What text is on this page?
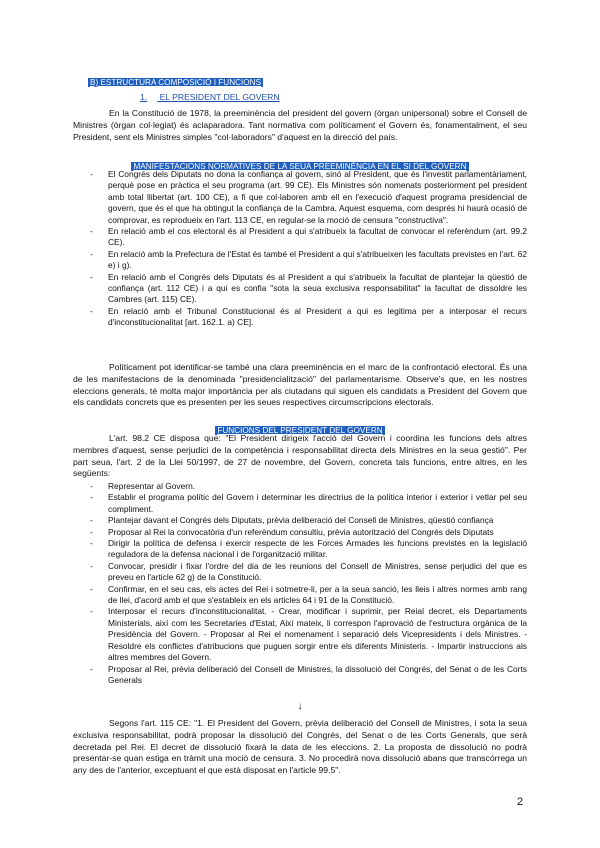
B) ESTRUCTURA COMPOSICIÓ I FUNCIONS
1. EL PRESIDENT DEL GOVERN

En la Constitució de 1978, la preeminència del president del govern (òrgan unipersonal) sobre el Consell de Ministres (òrgan col·legiat) és aclaparadora. Tant normativa com políticament el Govern és, fonamentalment, el seu President, sent els Ministres simples "col·laboradors" d'aquest en la direcció del país.

MANIFESTACIONS NORMATIVES DE LA SEUA PREEMINÈNCIA EN EL SI DEL GOVERN
- El Congrés dels Diputats no dona la confiança al govern, sinó al President, que és l'investit parlamentàriament, perquè pose en pràctica el seu programa (art. 99 CE). Els Ministres són nomenats posteriorment pel president amb total llibertat (art. 100 CE), a fi que col·laboren amb ell en l'execució d'aquest programa presidencial de govern, que és el que ha obtingut la confiança de la Cambra. Aquest esquema, com després hi haurà ocasió de comprovar, es reprodueix en l'art. 113 CE, en regular-se la moció de censura "constructiva".
- En relació amb el cos electoral és al President a qui s'atribueix la facultat de convocar el referèndum (art. 99.2 CE).
- En relació amb la Prefectura de l'Estat és també el President a qui s'atribueixen les facultats previstes en l'art. 62 e) i g).
- En relació amb el Congrés dels Diputats és al President a qui s'atribueix la facultat de plantejar la qüestió de confiança (art. 112 CE) i a qui es confia "sota la seua exclusiva responsabilitat" la facultat de dissoldre les Cambres (art. 115) CE).
- En relació amb el Tribunal Constitucional és al President a qui es legitima per a interposar el recurs d'inconstitucionalitat [art. 162.1. a) CE].

Políticament pot identificar-se també una clara preeminència en el marc de la confrontació electoral. És una de les manifestacions de la denominada "presidencialització" del parlamentarisme. Observe's que, en les nostres eleccions generals, té molta major importància per als ciutadans qui siguen els candidats a President del Govern que els candidats concrets que es presenten per les seues respectives circumscripcions electorals.

FUNCIONS DEL PRESIDENT DEL GOVERN

L'art. 98.2 CE disposa que: "El President dirigeix l'acció del Govern i coordina les funcions dels altres membres d'aquest, sense perjudici de la competència i responsabilitat directa dels Ministres en la seua gestió". Per part seua, l'art. 2 de la Llei 50/1997, de 27 de novembre, del Govern, concreta tals funcions, entre altres, en les següents:

- Representar al Govern.
- Establir el programa polític del Govern i determinar les directrius de la política interior i exterior i vetlar pel seu compliment.
- Plantejar davant el Congrés dels Diputats, prèvia deliberació del Consell de Ministres, qüestió confiança
- Proposar al Rei la convocatòria d'un referèndum consultiu, prèvia autorització del Congrés dels Diputats
- Dirigir la política de defensa i exercir respecte de les Forces Armades les funcions previstes en la legislació reguladora de la defensa nacional i de l'organització militar.
- Convocar, presidir i fixar l'ordre del dia de les reunions del Consell de Ministres, sense perjudici del que es preveu en l'article 62 g) de la Constitució.
- Confirmar, en el seu cas, els actes del Rei i sotmetre-li, per a la seua sanció, les lleis i altres normes amb rang de llei, d'acord amb el que s'estableix en els articles 64 i 91 de la Constitució.
- Interposar el recurs d'inconstitucionalitat. - Crear, modificar i suprimir, per Reial decret, els Departaments Ministerials, així com les Secretaries d'Estat, Així mateix, li correspon l'aprovació de l'estructura orgànica de la Presidència del Govern. - Proposar al Rei el nomenament i separació dels Vicepresidents i dels Ministres. - Resoldre els conflictes d'atribucions que puguen sorgir entre els diferents Ministeris. - Impartir instruccions als altres membres del Govern.
- Proposar al Rei, prèvia deliberació del Consell de Ministres, la dissolució del Congrés, del Senat o de les Corts Generals
↓

Segons l'art. 115 CE: "1. El President del Govern, prèvia deliberació del Consell de Ministres, i sota la seua exclusiva responsabilitat, podrà proposar la dissolució del Congrés, del Senat o de les Corts Generals, que serà decretada pel Rei. El decret de dissolució fixarà la data de les eleccions. 2. La proposta de dissolució no podrà presentar-se quan estiga en tràmit una moció de censura. 3. No procedirà nova dissolució abans que transcórrega un any des de l'anterior, exceptuant el que està disposat en l'article 99.5".

2
